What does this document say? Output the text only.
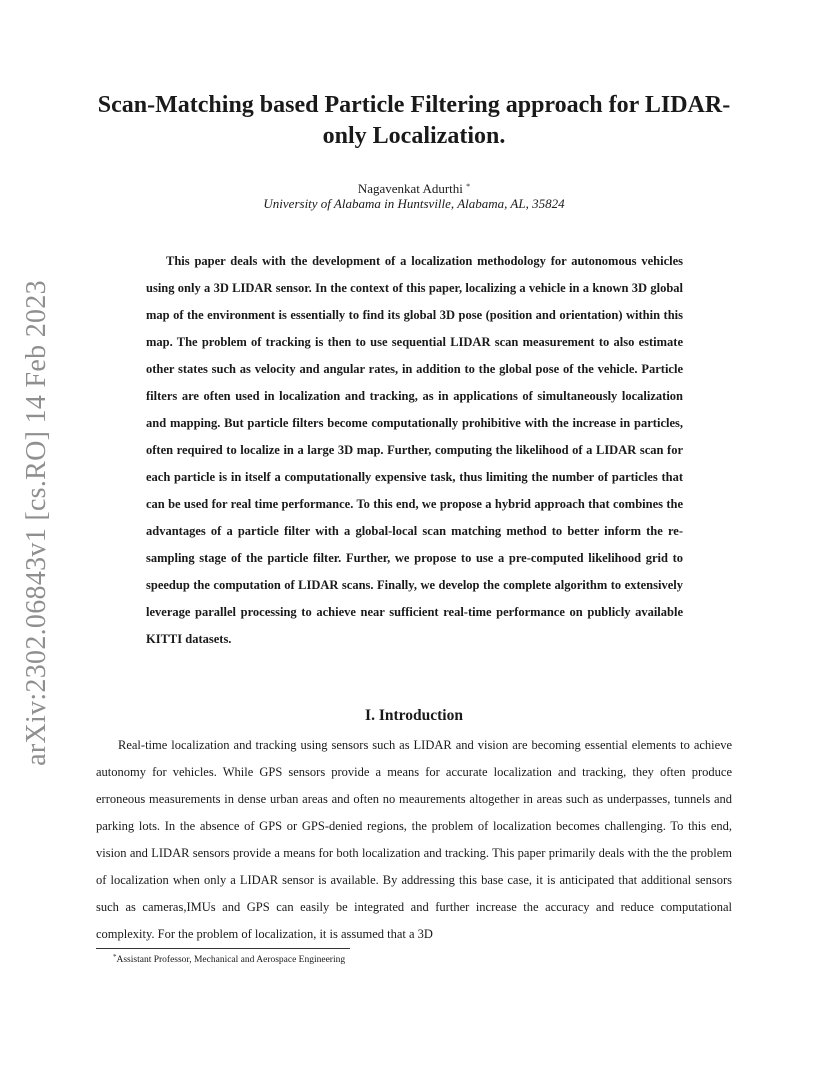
arXiv:2302.06843v1 [cs.RO] 14 Feb 2023
Scan-Matching based Particle Filtering approach for LIDAR-only Localization.
Nagavenkat Adurthi *
University of Alabama in Huntsville, Alabama, AL, 35824
This paper deals with the development of a localization methodology for autonomous vehicles using only a 3D LIDAR sensor. In the context of this paper, localizing a vehicle in a known 3D global map of the environment is essentially to find its global 3D pose (position and orientation) within this map. The problem of tracking is then to use sequential LIDAR scan measurement to also estimate other states such as velocity and angular rates, in addition to the global pose of the vehicle. Particle filters are often used in localization and tracking, as in applications of simultaneously localization and mapping. But particle filters become computationally prohibitive with the increase in particles, often required to localize in a large 3D map. Further, computing the likelihood of a LIDAR scan for each particle is in itself a computationally expensive task, thus limiting the number of particles that can be used for real time performance. To this end, we propose a hybrid approach that combines the advantages of a particle filter with a global-local scan matching method to better inform the re-sampling stage of the particle filter. Further, we propose to use a pre-computed likelihood grid to speedup the computation of LIDAR scans. Finally, we develop the complete algorithm to extensively leverage parallel processing to achieve near sufficient real-time performance on publicly available KITTI datasets.
I. Introduction
Real-time localization and tracking using sensors such as LIDAR and vision are becoming essential elements to achieve autonomy for vehicles. While GPS sensors provide a means for accurate localization and tracking, they often produce erroneous measurements in dense urban areas and often no meaurements altogether in areas such as underpasses, tunnels and parking lots. In the absence of GPS or GPS-denied regions, the problem of localization becomes challenging. To this end, vision and LIDAR sensors provide a means for both localization and tracking. This paper primarily deals with the the problem of localization when only a LIDAR sensor is available. By addressing this base case, it is anticipated that additional sensors such as cameras,IMUs and GPS can easily be integrated and further increase the accuracy and reduce computational complexity. For the problem of localization, it is assumed that a 3D
*Assistant Professor, Mechanical and Aerospace Engineering
